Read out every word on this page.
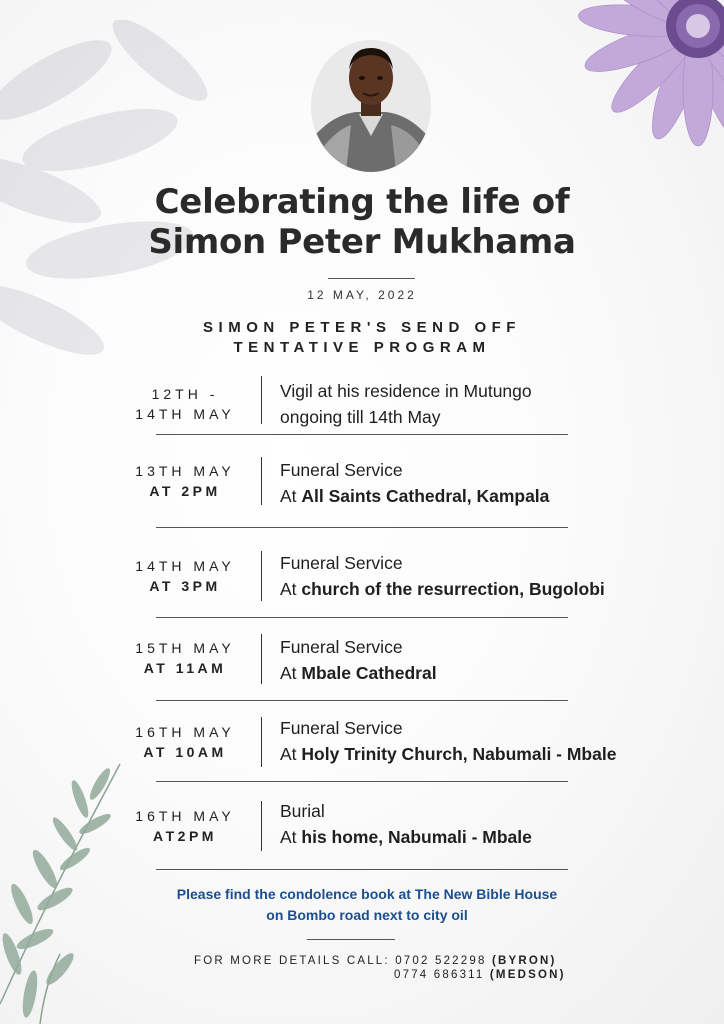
Celebrating the life of
Simon Peter Mukhama
12 MAY, 2022
SIMON PETER'S SEND OFF
TENTATIVE PROGRAM
12TH -
14TH MAY
Vigil at his residence in Mutungo
ongoing till 14th May
13TH MAY
AT 2PM
Funeral Service
At All Saints Cathedral, Kampala
14TH MAY
AT 3PM
Funeral Service
At church of the resurrection, Bugolobi
15TH MAY
AT 11AM
Funeral Service
At Mbale Cathedral
16TH MAY
AT 10AM
Funeral Service
At Holy Trinity Church, Nabumali - Mbale
16TH MAY
AT2PM
Burial
At his home, Nabumali - Mbale
Please find the condolence book at The New Bible House
on Bombo road next to city oil
FOR MORE DETAILS CALL: 0702 522298 (BYRON)
0774 686311 (MEDSON)
